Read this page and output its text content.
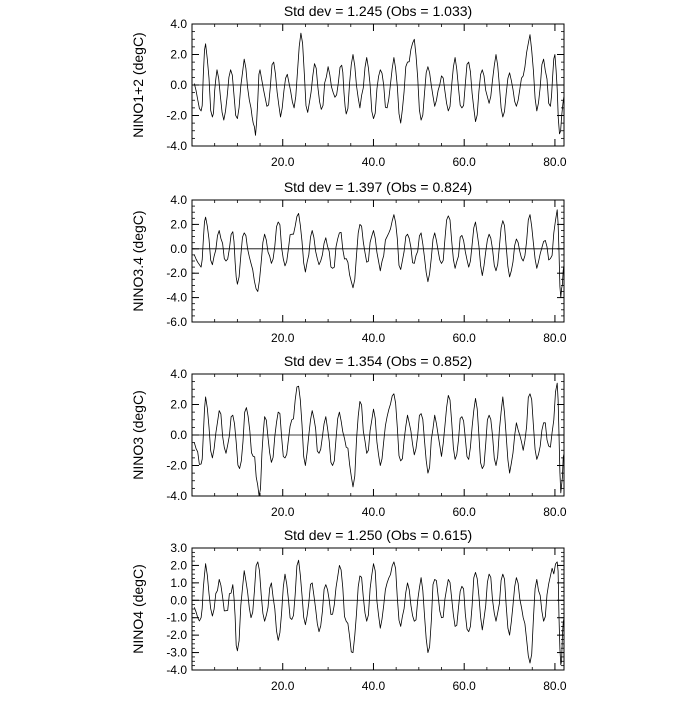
Std dev = 1.245 (Obs = 1.033)
NINO1+2 (degC)
20.0	40.0	60.0	80.0
-4.0
-2.0
0.0
2.0
4.0
Std dev = 1.397 (Obs = 0.824)
NINO3.4 (degC)
20.0	40.0	60.0	80.0
-6.0
-4.0
-2.0
0.0
2.0
4.0
Std dev = 1.354 (Obs = 0.852)
NINO3 (degC)
20.0	40.0	60.0	80.0
-4.0
-2.0
0.0
2.0
4.0
Std dev = 1.250 (Obs = 0.615)
NINO4 (degC)
20.0	40.0	60.0	80.0
-4.0
-3.0
-2.0
-1.0
0.0
1.0
2.0
3.0
